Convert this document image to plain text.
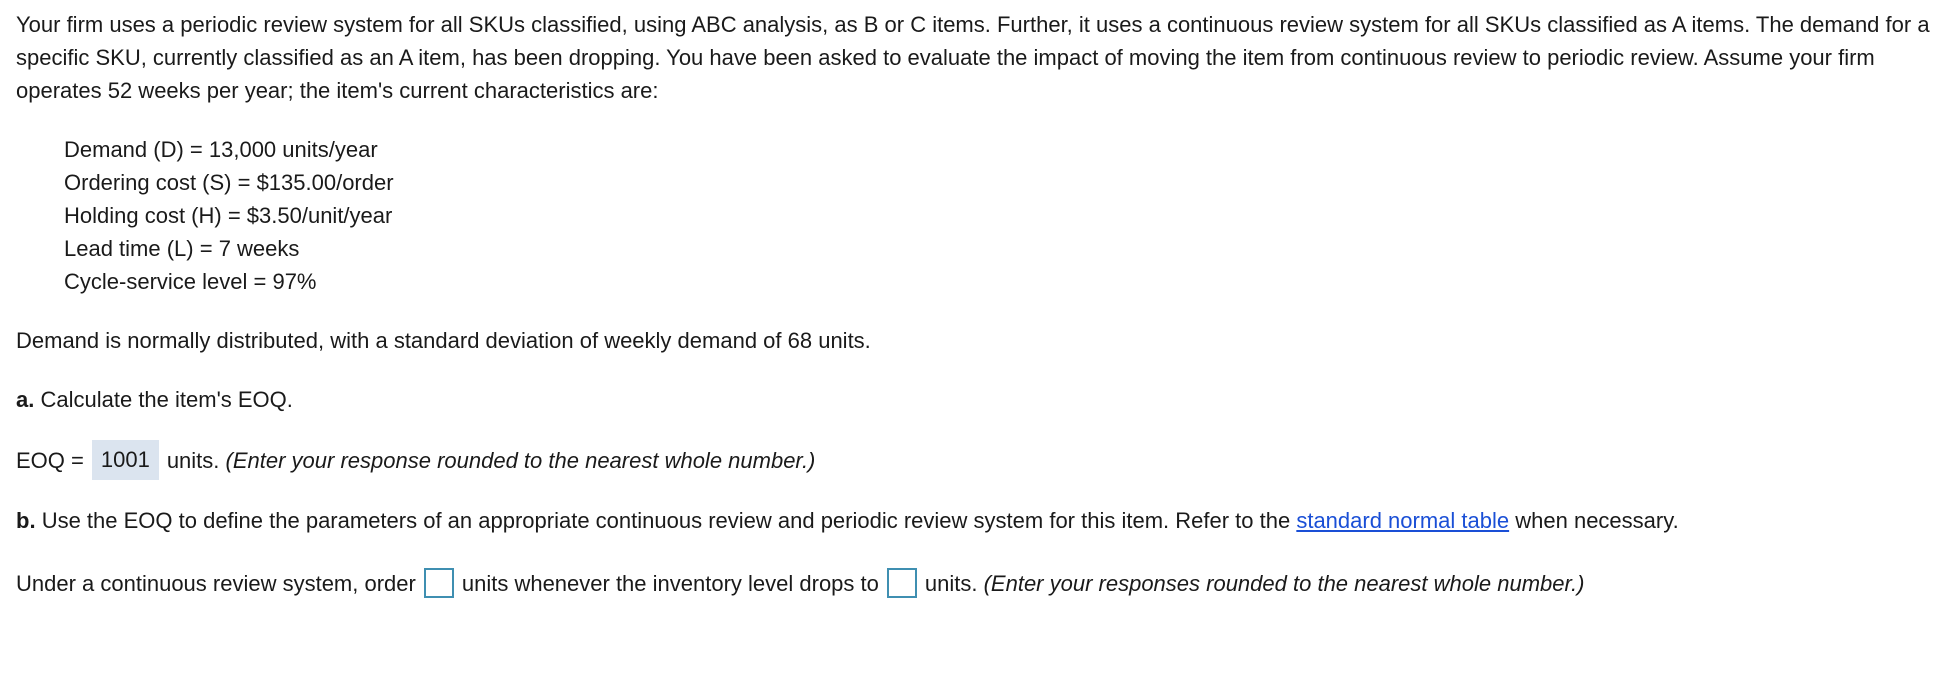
Your firm uses a periodic review system for all SKUs classified, using ABC analysis, as B or C items. Further, it uses a continuous review system for all SKUs classified as A items. The demand for a specific SKU, currently classified as an A item, has been dropping. You have been asked to evaluate the impact of moving the item from continuous review to periodic review. Assume your firm operates 52 weeks per year; the item's current characteristics are:

Demand (D) = 13,000 units/year
Ordering cost (S) = $135.00/order
Holding cost (H) = $3.50/unit/year
Lead time (L) = 7 weeks
Cycle-service level = 97%

Demand is normally distributed, with a standard deviation of weekly demand of 68 units.

a. Calculate the item's EOQ.

EOQ = 1001 units.
(Enter your response rounded to the nearest whole number.)

b. Use the EOQ to define the parameters of an appropriate continuous review and periodic review system for this item. Refer to the standard normal table when necessary.

Under a continuous review system, order units whenever the inventory level drops to units.
(Enter your responses rounded to the nearest whole number.)
